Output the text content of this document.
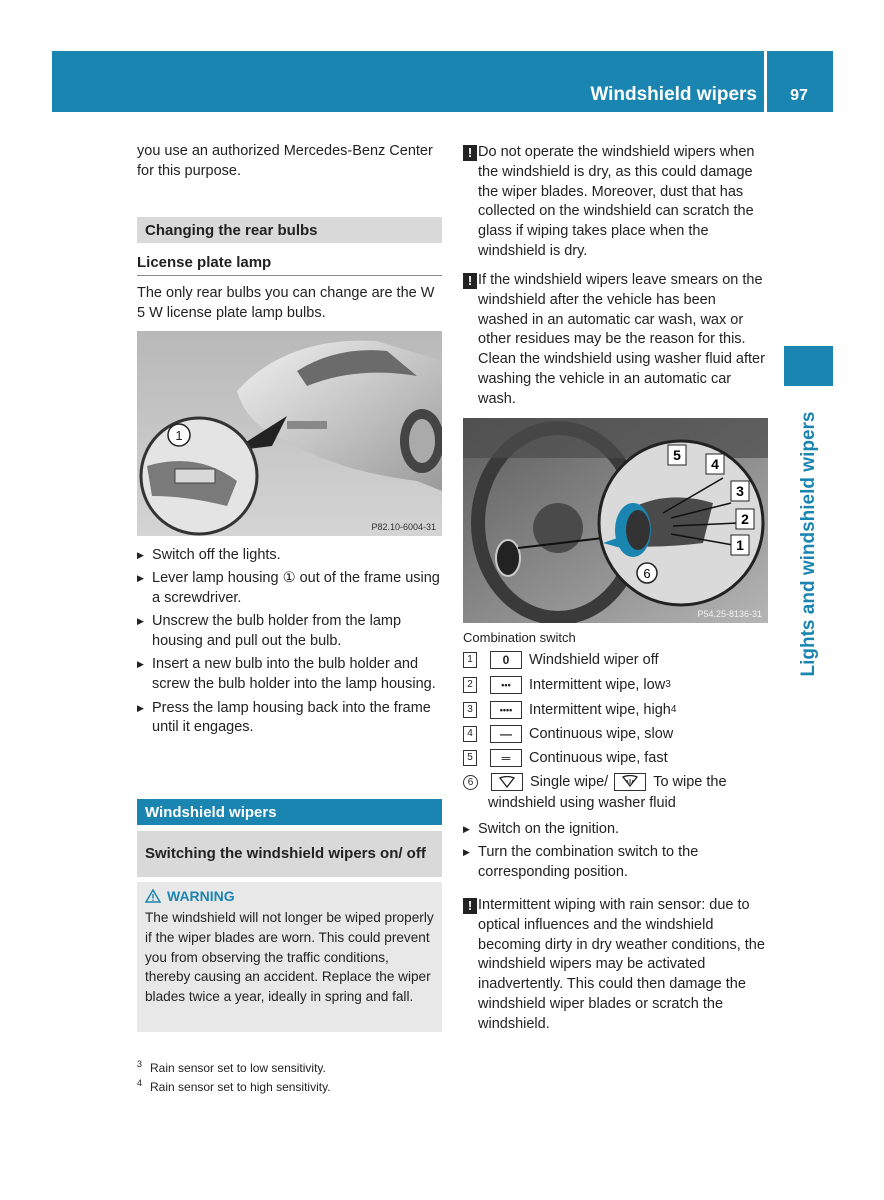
Windshield wipers	97
Lights and windshield wipers

you use an authorized Mercedes-Benz Center for this purpose.

Changing the rear bulbs
License plate lamp

The only rear bulbs you can change are the W 5 W license plate lamp bulbs.

1
P82.10-6004-31
▶ Switch off the lights.
▶ Lever lamp housing ① out of the frame using a screwdriver.
▶ Unscrew the bulb holder from the lamp housing and pull out the bulb.
▶ Insert a new bulb into the bulb holder and screw the bulb holder into the lamp housing.
▶ Press the lamp housing back into the frame until it engages.
Windshield wipers
Switching the windshield wipers on/ off
WARNING
The windshield will not longer be wiped properly if the wiper blades are worn. This could prevent you from observing the traffic conditions, thereby causing an accident. Replace the wiper blades twice a year, ideally in spring and fall.
! Do not operate the windshield wipers when the windshield is dry, as this could damage the wiper blades. Moreover, dust that has collected on the windshield can scratch the glass if wiping takes place when the windshield is dry.
! If the windshield wipers leave smears on the windshield after the vehicle has been washed in an automatic car wash, wax or other residues may be the reason for this. Clean the windshield using washer fluid after washing the vehicle in an automatic car wash.
5
4
3
2
1
6
P54.25-8136-31
Combination switch
1	0	Windshield wiper off
2	•••	Intermittent wipe, low 3
3	••••	Intermittent wipe, high 4
4	—	Continuous wipe, slow
5	═	Continuous wipe, fast
6	Single wipe/	To wipe the
windshield using washer fluid
▶ Switch on the ignition.
▶ Turn the combination switch to the corresponding position.
! Intermittent wiping with rain sensor: due to optical influences and the windshield becoming dirty in dry weather conditions, the windshield wipers may be activated inadvertently. This could then damage the windshield wiper blades or scratch the windshield.
$^3$ Rain sensor set to low sensitivity.
$^4$ Rain sensor set to high sensitivity.
